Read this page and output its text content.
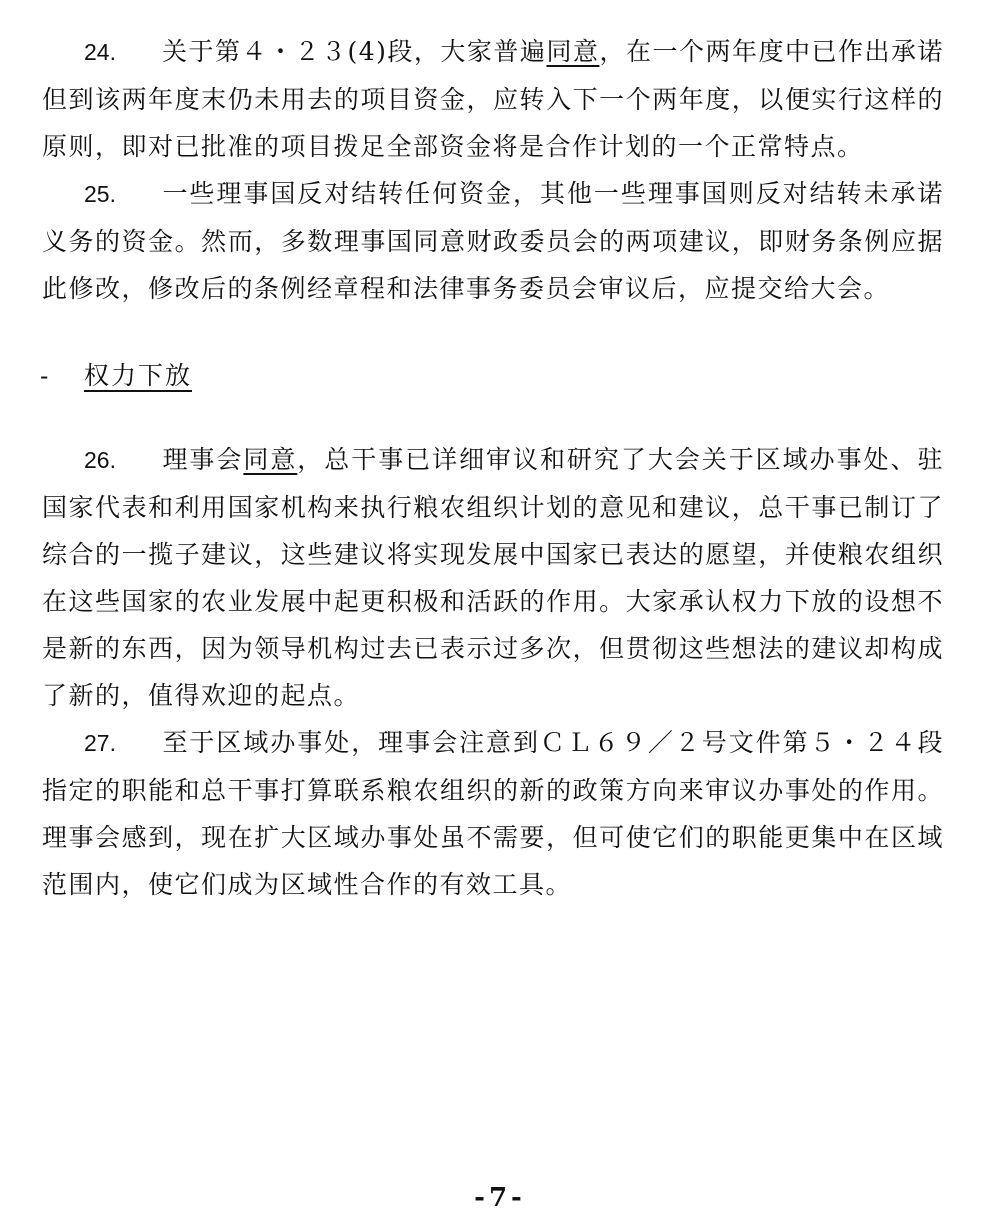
24. 关于第４・２３(4)段，大家普遍同意，在一个两年度中已作出承诺但到该两年度末仍未用去的项目资金，应转入下一个两年度，以便实行这样的原则，即对已批准的项目拨足全部资金将是合作计划的一个正常特点。

25. 一些理事国反对结转任何资金，其他一些理事国则反对结转未承诺义务的资金。然而，多数理事国同意财政委员会的两项建议，即财务条例应据此修改，修改后的条例经章程和法律事务委员会审议后，应提交给大会。

- 权力下放

26. 理事会同意，总干事已详细审议和研究了大会关于区域办事处、驻国家代表和利用国家机构来执行粮农组织计划的意见和建议，总干事已制订了综合的一揽子建议，这些建议将实现发展中国家已表达的愿望，并使粮农组织在这些国家的农业发展中起更积极和活跃的作用。大家承认权力下放的设想不是新的东西，因为领导机构过去已表示过多次，但贯彻这些想法的建议却构成了新的，值得欢迎的起点。

27. 至于区域办事处，理事会注意到ＣＬ６９／２号文件第５・２４段指定的职能和总干事打算联系粮农组织的新的政策方向来审议办事处的作用。理事会感到，现在扩大区域办事处虽不需要，但可使它们的职能更集中在区域范围内，使它们成为区域性合作的有效工具。

-7-
